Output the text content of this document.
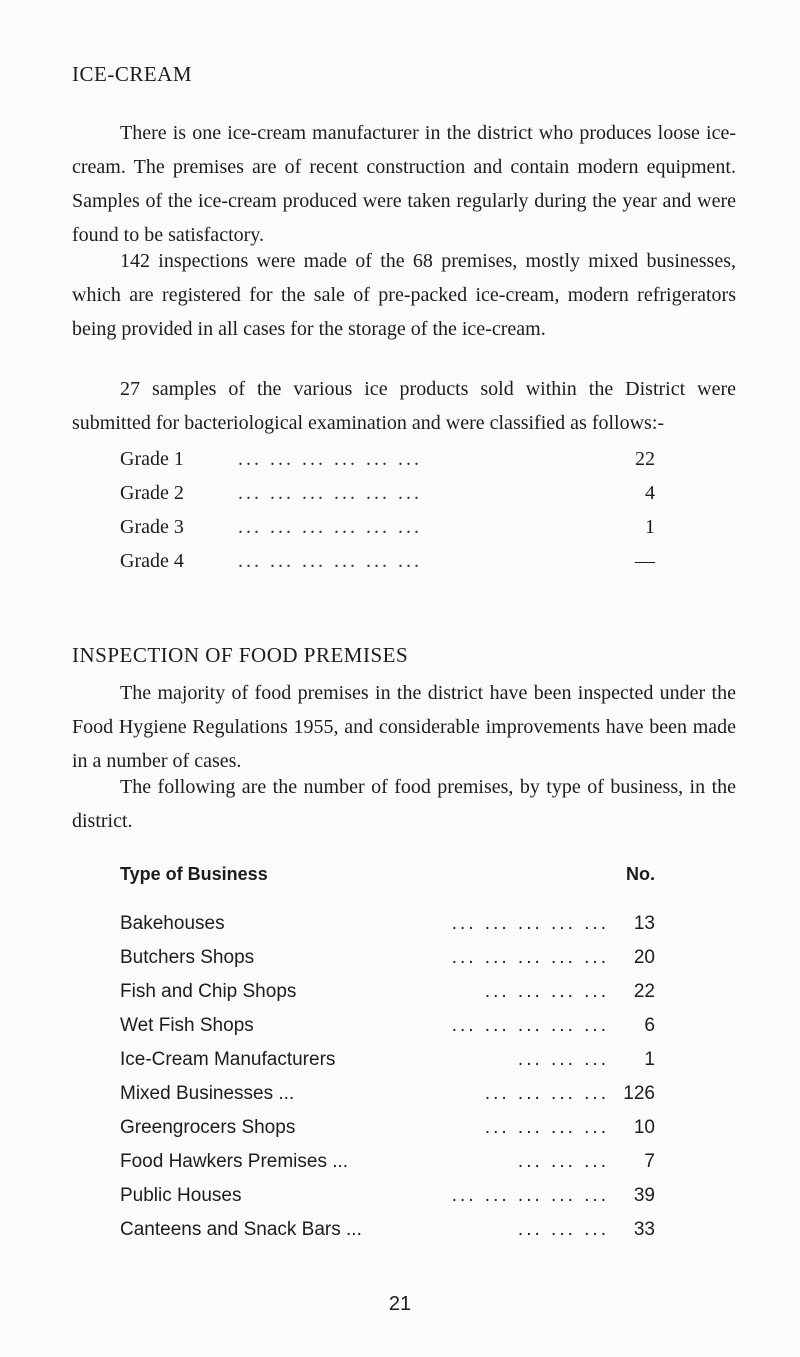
ICE-CREAM

There is one ice-cream manufacturer in the district who produces loose ice-cream. The premises are of recent construction and contain modern equipment. Samples of the ice-cream produced were taken regularly during the year and were found to be satisfactory.

142 inspections were made of the 68 premises, mostly mixed businesses, which are registered for the sale of pre-packed ice-cream, modern refrigerators being provided in all cases for the storage of the ice-cream.

27 samples of the various ice products sold within the District were submitted for bacteriological examination and were classified as follows:-

Grade 1	... ... ... ... ... ...	22
Grade 2	... ... ... ... ... ...	4
Grade 3	... ... ... ... ... ...	1
Grade 4	... ... ... ... ... ...	—
INSPECTION OF FOOD PREMISES

The majority of food premises in the district have been inspected under the Food Hygiene Regulations 1955, and considerable improvements have been made in a number of cases.

The following are the number of food premises, by type of business, in the district.

Type of Business	No.
Bakehouses	... ... ... ... ...	13
Butchers Shops	... ... ... ... ...	20
Fish and Chip Shops	... ... ... ...	22
Wet Fish Shops	... ... ... ... ...	6
Ice-Cream Manufacturers	... ... ...	1
Mixed Businesses ...	... ... ... ... 126
Greengrocers Shops	... ... ... ...	10
Food Hawkers Premises ...	... ... ...	7
Public Houses	... ... ... ... ...	39
Canteens and Snack Bars ...	... ... ...	33
21
